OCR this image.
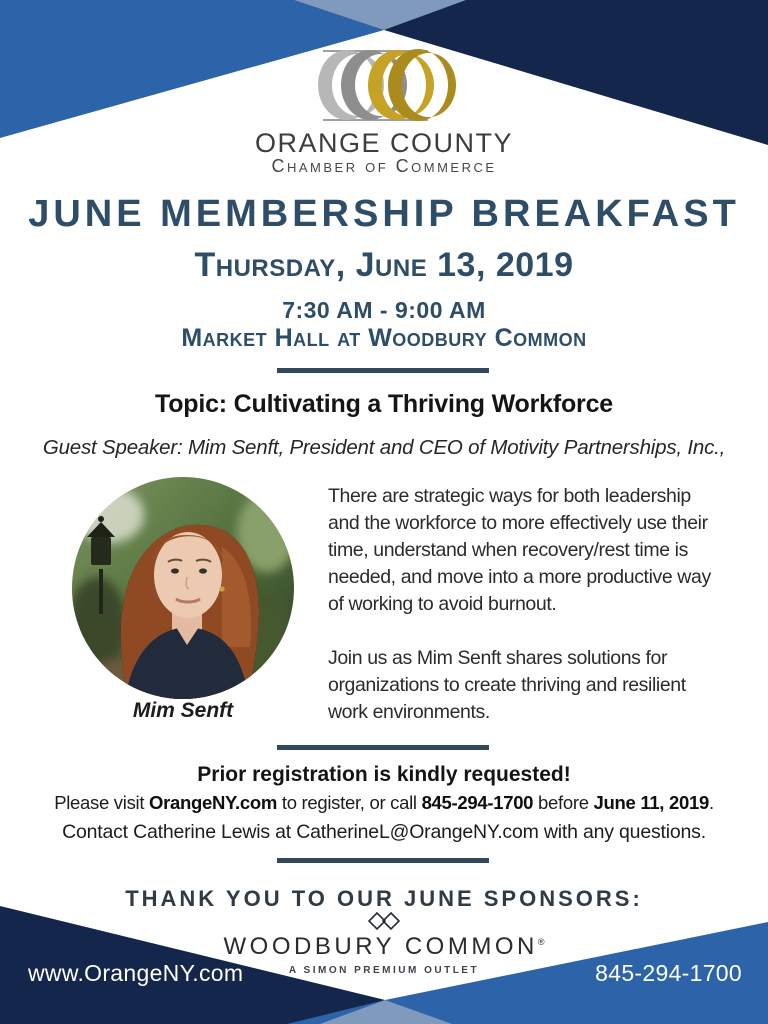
ORANGE COUNTY
Chamber of Commerce
JUNE MEMBERSHIP BREAKFAST
Thursday, June 13, 2019
7:30 AM - 9:00 AM
Market Hall at Woodbury Common
Topic: Cultivating a Thriving Workforce
Guest Speaker: Mim Senft, President and CEO of Motivity Partnerships, Inc.,
Mim Senft
There are strategic ways for both leadership
and the workforce to more effectively use their
time, understand when recovery/rest time is
needed, and move into a more productive way
of working to avoid burnout.
Join us as Mim Senft shares solutions for
organizations to create thriving and resilient
work environments.
Prior registration is kindly requested!
Please visit OrangeNY.com to register, or call 845-294-1700 before June 11, 2019.
Contact Catherine Lewis at CatherineL@OrangeNY.com with any questions.
THANK YOU TO OUR JUNE SPONSORS:
WOODBURY COMMON®
A SIMON PREMIUM OUTLET
www.OrangeNY.com	845-294-1700
